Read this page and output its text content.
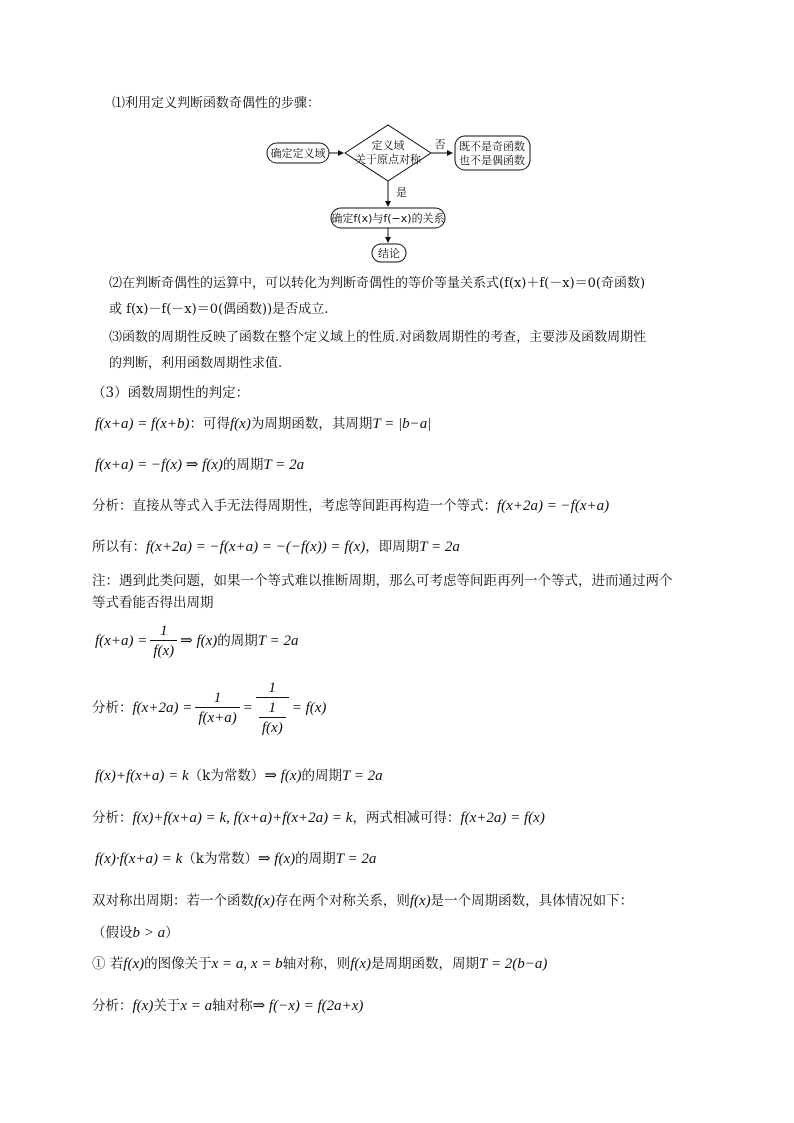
⑴利用定义判断函数奇偶性的步骤：
确定定义域
定义域
关于原点对称
否 既不是奇函数
也不是偶函数
是
确定f(x)与f(−x)的关系
结论
⑵在判断奇偶性的运算中，可以转化为判断奇偶性的等价等量关系式(f(x)＋f(－x)＝0(奇函数)
或 f(x)－f(－x)＝0(偶函数))是否成立.
⑶函数的周期性反映了函数在整个定义域上的性质.对函数周期性的考查，主要涉及函数周期性
的判断，利用函数周期性求值.
（3）函数周期性的判定：
f(x+a) = f(x+b)：可得f(x)为周期函数，其周期T = |b−a|
f(x+a) = −f(x) ⇒ f(x)的周期T = 2a
分析：直接从等式入手无法得周期性，考虑等间距再构造一个等式：f(x+2a) = −f(x+a)
所以有：f(x+2a) = −f(x+a) = −(−f(x)) = f(x)，即周期T = 2a
注：遇到此类问题，如果一个等式难以推断周期，那么可考虑等间距再列一个等式，进而通过两个
等式看能否得出周期
$f(x+a) = \frac{1}{f(x)}$ ⇒ f(x)的周期T = 2a
分析：$f(x+2a) = \frac{1}{f(x+a)} = \frac{1}{\frac{1}{f(x)}} = f(x)$
f(x)+f(x+a) = k（k为常数）⇒ f(x)的周期T = 2a
分析：f(x)+f(x+a) = k, f(x+a)+f(x+2a) = k，两式相减可得：f(x+2a) = f(x)
f(x)·f(x+a) = k（k为常数）⇒ f(x)的周期T = 2a
双对称出周期：若一个函数f(x)存在两个对称关系，则f(x)是一个周期函数，具体情况如下：
（假设b > a）
① 若f(x)的图像关于x = a, x = b轴对称，则f(x)是周期函数，周期T = 2(b−a)
分析：f(x)关于x = a轴对称⇒ f(−x) = f(2a+x)
